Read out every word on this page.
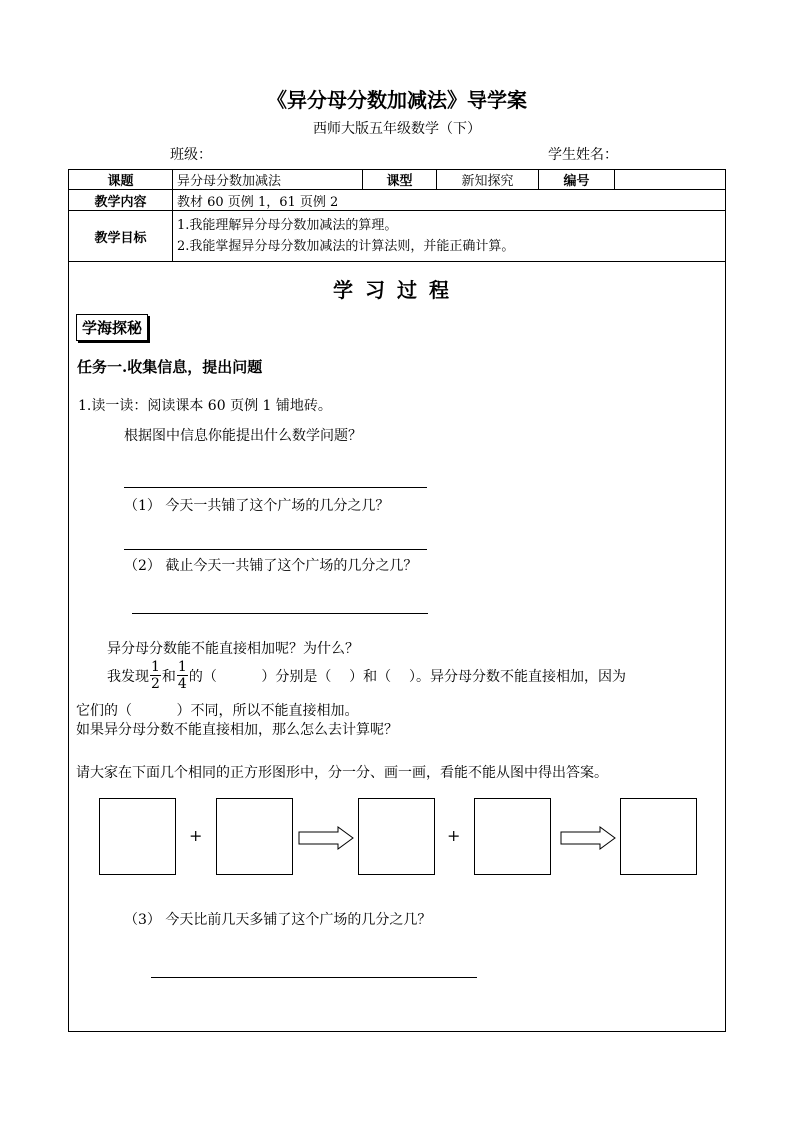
《异分母分数加减法》导学案
西师大版五年级数学（下）
班级：	学生姓名：
课题	异分母分数加减法	课型	新知探究	编号	
教学内容	教材 60 页例 1，61 页例 2				
教学目标	1.我能理解异分母分数加减法的算理。
2.我能掌握异分母分数加减法的计算法则，并能正确计算。				
学习过程
学海探秘
任务一.收集信息，提出问题
1.读一读：阅读课本 60 页例 1 铺地砖。
根据图中信息你能提出什么数学问题？
（1） 今天一共铺了这个广场的几分之几？
（2） 截止今天一共铺了这个广场的几分之几？
异分母分数能不能直接相加呢？为什么？
我发现 $\frac{1}{2}$ 和 $\frac{1}{4}$ 的（          ）分别是（    ）和（    ）。异分母分数不能直接相加，因为
它们的（          ）不同，所以不能直接相加。
如果异分母分数不能直接相加，那么怎么去计算呢？
请大家在下面几个相同的正方形图形中，分一分、画一画，看能不能从图中得出答案。
+	+
（3） 今天比前几天多铺了这个广场的几分之几？
